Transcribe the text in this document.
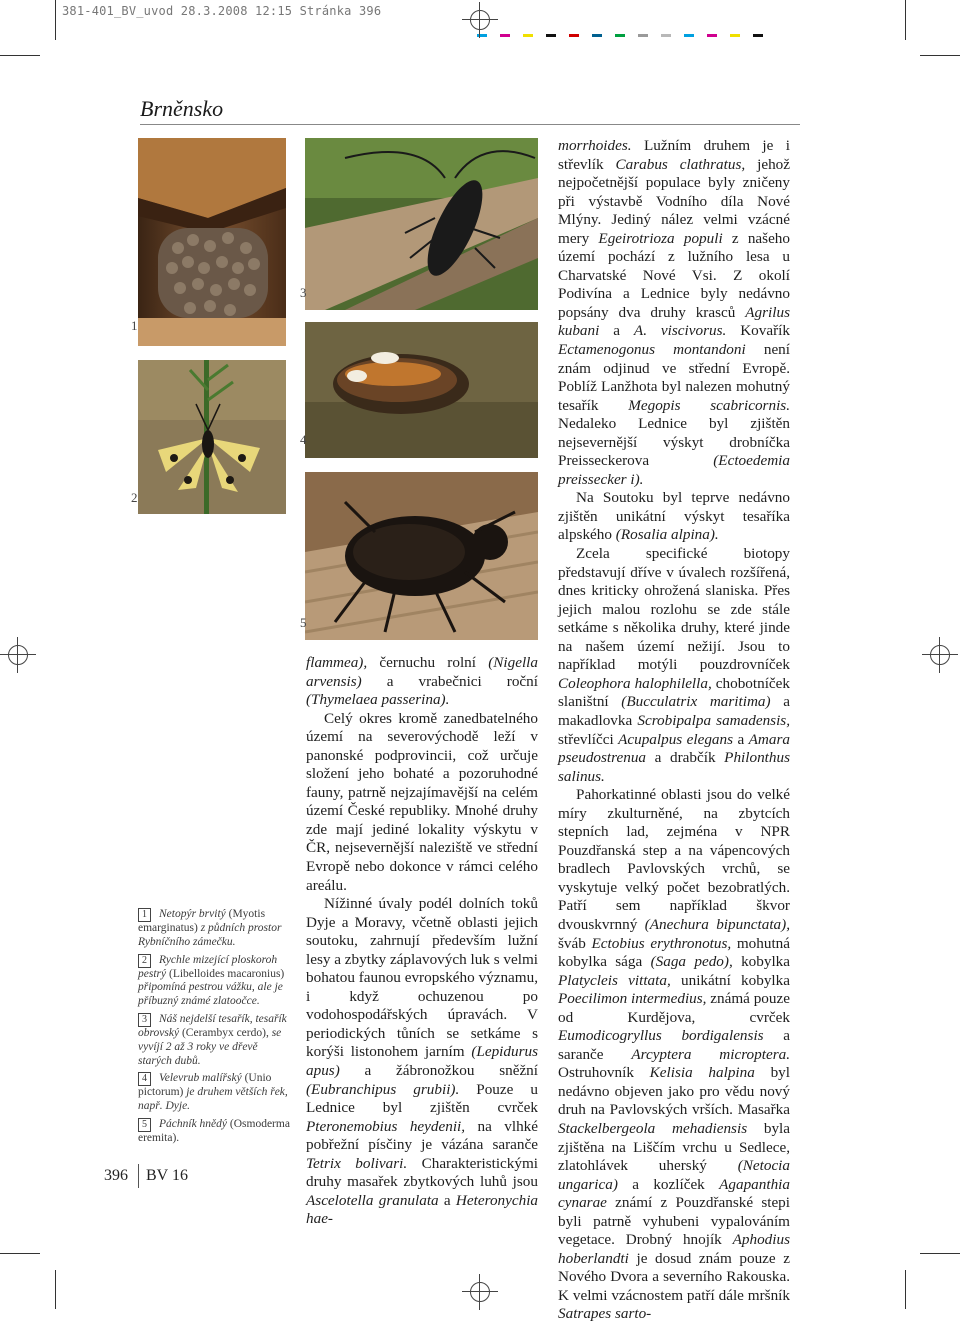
381-401_BV_uvod 28.3.2008 12:15 Stránka 396
Brněnsko
1
2
3
4
5

1 Netopýr brvitý (Myotis emarginatus) z půdních prostor Rybníčního zámečku.

2 Rychle mizející ploskoroh pestrý (Libelloides macaronius) připomíná pestrou vážku, ale je příbuzný známé zlatoočce.

3 Náš nejdelší tesařík, tesařík obrovský (Cerambyx cerdo), se vyvíjí 2 až 3 roky ve dřevě starých dubů.

4 Velevrub malířský (Unio pictorum) je druhem větších řek, např. Dyje.

5 Páchník hnědý (Osmoderma eremita).

flammea), černuchu rolní (Nigella arvensis) a vrabečnici roční (Thymelaea passerina).

Celý okres kromě zanedbatelného území na severovýchodě leží v panonské podprovincii, což určuje složení jeho bohaté a pozoruhodné fauny, patrně nejzajímavější na celém území České republiky. Mnohé druhy zde mají jediné lokality výskytu v ČR, nejsevernější naleziště ve střední Evropě nebo dokonce v rámci celého areálu.

Nížinné úvaly podél dolních toků Dyje a Moravy, včetně oblasti jejich soutoku, zahrnují především lužní lesy a zbytky záplavových luk s velmi bohatou faunou evropského významu, i když ochuzenou po vodohospodářských úpravách. V periodických tůních se setkáme s korýši listonohem jarním (Lepidurus apus) a žábronožkou sněžní (Eubranchipus grubii). Pouze u Lednice byl zjištěn cvrček Pteronemobius heydenii, na vlhké pobřežní písčiny je vázána saranče Tetrix bolivari. Charakteristickými druhy masařek zbytkových luhů jsou Ascelotella granulata a Heteronychia hae-

morrhoides. Lužním druhem je i střevlík Carabus clathratus, jehož nejpočetnější populace byly zničeny při výstavbě Vodního díla Nové Mlýny. Jediný nález velmi vzácné mery Egeirotrioza populi z našeho území pochází z lužního lesa u Charvatské Nové Vsi. Z okolí Podivína a Lednice byly nedávno popsány dva druhy krasců Agrilus kubani a A. viscivorus. Kovařík Ectamenogonus montandoni není znám odjinud ve střední Evropě. Poblíž Lanžhota byl nalezen mohutný tesařík Megopis scabricornis. Nedaleko Lednice byl zjištěn nejsevernější výskyt drobníčka Preisseckerova (Ectoedemia preissecker i).

Na Soutoku byl teprve nedávno zjištěn unikátní výskyt tesaříka alpského (Rosalia alpina).

Zcela specifické biotopy představují dříve v úvalech rozšířená, dnes kriticky ohrožená slaniska. Přes jejich malou rozlohu se zde stále setkáme s několika druhy, které jinde na našem území nežijí. Jsou to například motýli pouzdrovníček Coleophora halophilella, chobotníček slaništní (Bucculatrix maritima) a makadlovka Scrobipalpa samadensis, střevlíčci Acupalpus elegans a Amara pseudostrenua a drabčík Philonthus salinus.

Pahorkatinné oblasti jsou do velké míry zkulturněné, na zbytcích stepních lad, zejména v NPR Pouzdřanská step a na vápencových bradlech Pavlovských vrchů, se vyskytuje velký počet bezobratlých. Patří sem například škvor dvouskvrnný (Anechura bipunctata), šváb Ectobius erythronotus, mohutná kobylka sága (Saga pedo), kobylka Platycleis vittata, unikátní kobylka Poecilimon intermedius, známá pouze od Kurdějova, cvrček Eumodicogryllus bordigalensis a saranče Arcyptera microptera. Ostruhovník Kelisia halpina byl nedávno objeven jako pro vědu nový druh na Pavlovských vrších. Masařka Stackelbergeola mehadiensis byla zjištěna na Liščím vrchu u Sedlece, zlatohlávek uherský (Netocia ungarica) a kozlíček Agapanthia cynarae známí z Pouzdřanské stepi byli patrně vyhubeni vypalováním vegetace. Drobný hnojík Aphodius hoberlandti je dosud znám pouze z Nového Dvora a severního Rakouska. K velmi vzácnostem patří dále mršník Satrapes sarto-

396 BV 16
